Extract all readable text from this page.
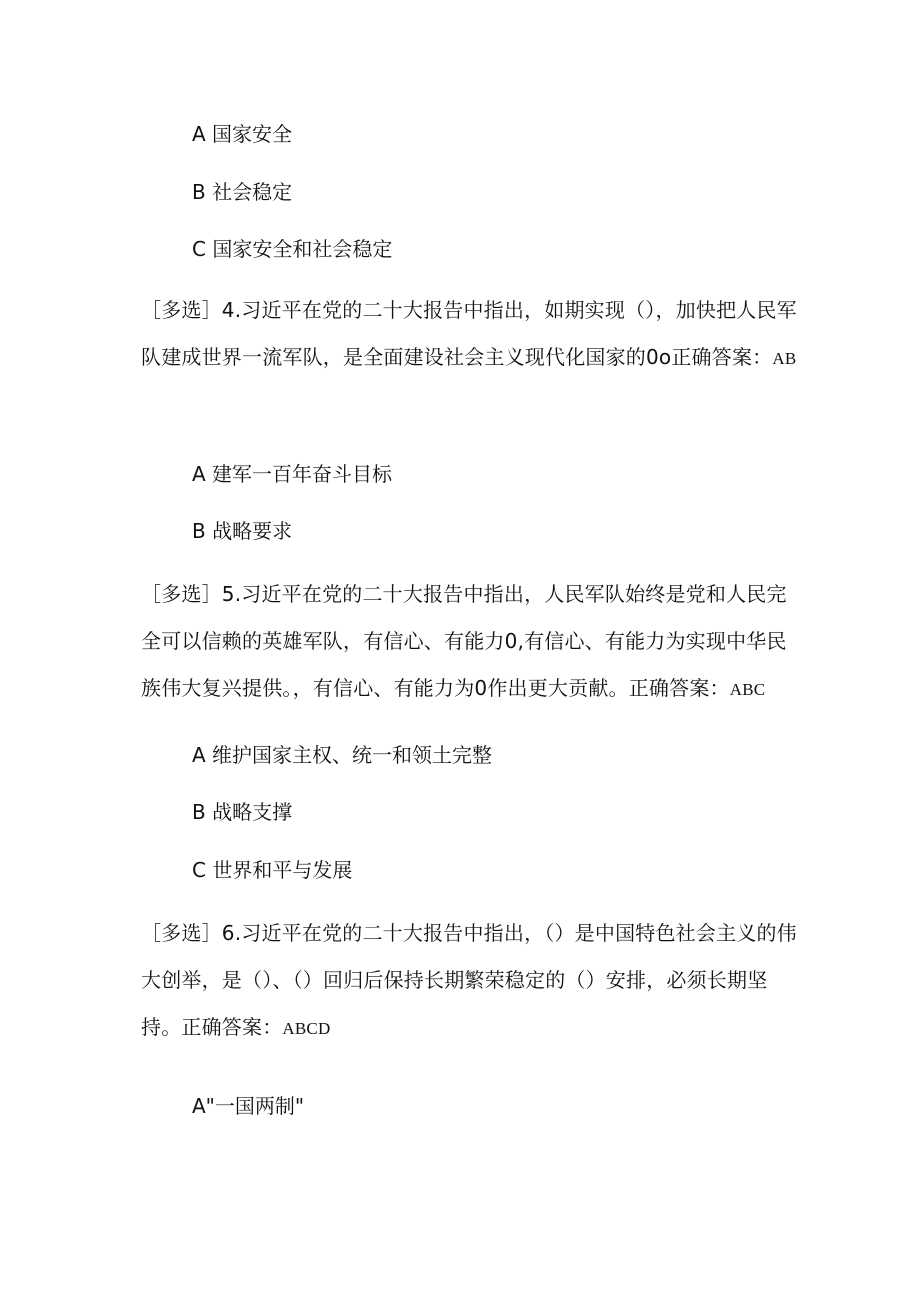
A 国家安全
B 社会稳定
C 国家安全和社会稳定
［多选］4.习近平在党的二十大报告中指出，如期实现（），加快把人民军队建成世界一流军队，是全面建设社会主义现代化国家的0o正确答案：AB
A 建军一百年奋斗目标
B 战略要求
［多选］5.习近平在党的二十大报告中指出，人民军队始终是党和人民完全可以信赖的英雄军队，有信心、有能力0,有信心、有能力为实现中华民族伟大复兴提供。，有信心、有能力为0作出更大贡献。正确答案：ABC
A 维护国家主权、统一和领土完整
B 战略支撑
C 世界和平与发展
［多选］6.习近平在党的二十大报告中指出，（）是中国特色社会主义的伟大创举，是（）、（）回归后保持长期繁荣稳定的（）安排，必须长期坚持。正确答案：ABCD
A"一国两制"
